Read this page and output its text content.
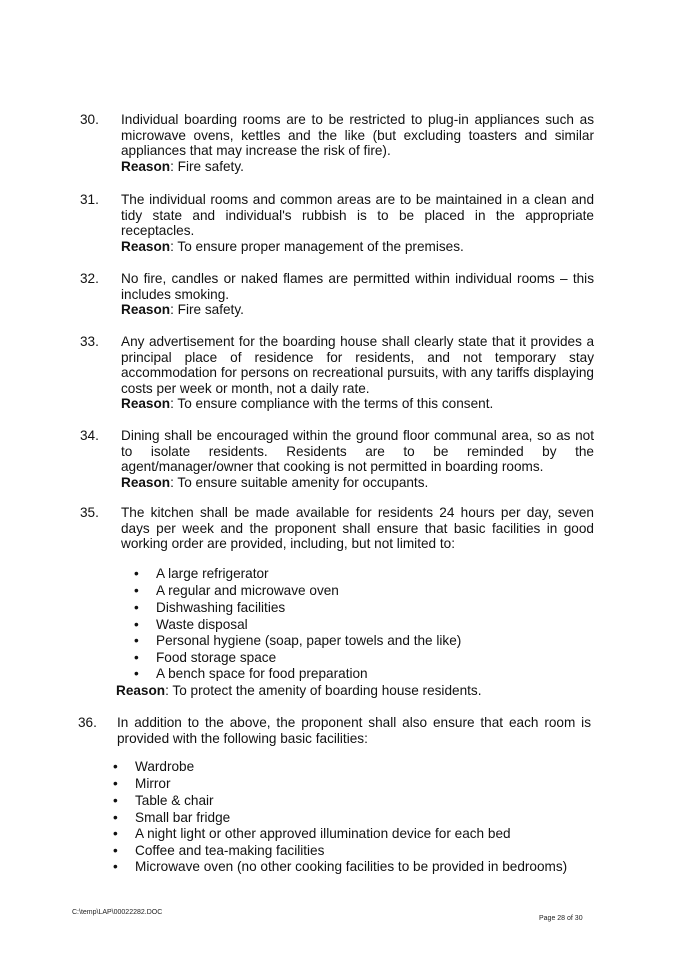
30. Individual boarding rooms are to be restricted to plug-in appliances such as microwave ovens, kettles and the like (but excluding toasters and similar appliances that may increase the risk of fire).

Reason: Fire safety.

31. The individual rooms and common areas are to be maintained in a clean and tidy state and individual's rubbish is to be placed in the appropriate receptacles.

Reason: To ensure proper management of the premises.

32. No fire, candles or naked flames are permitted within individual rooms – this includes smoking.

Reason: Fire safety.

33. Any advertisement for the boarding house shall clearly state that it provides a principal place of residence for residents, and not temporary stay accommodation for persons on recreational pursuits, with any tariffs displaying costs per week or month, not a daily rate.

Reason: To ensure compliance with the terms of this consent.

34. Dining shall be encouraged within the ground floor communal area, so as not to isolate residents. Residents are to be reminded by the agent/manager/owner that cooking is not permitted in boarding rooms.

Reason: To ensure suitable amenity for occupants.

35. The kitchen shall be made available for residents 24 hours per day, seven days per week and the proponent shall ensure that basic facilities in good working order are provided, including, but not limited to:

• A large refrigerator
• A regular and microwave oven
• Dishwashing facilities
• Waste disposal
• Personal hygiene (soap, paper towels and the like)
• Food storage space
• A bench space for food preparation

Reason: To protect the amenity of boarding house residents.

36. In addition to the above, the proponent shall also ensure that each room is provided with the following basic facilities:

• Wardrobe
• Mirror
• Table & chair
• Small bar fridge
• A night light or other approved illumination device for each bed
• Coffee and tea-making facilities
• Microwave oven (no other cooking facilities to be provided in bedrooms)
C:\temp\LAP\00022282.DOC
Page 28 of 30
